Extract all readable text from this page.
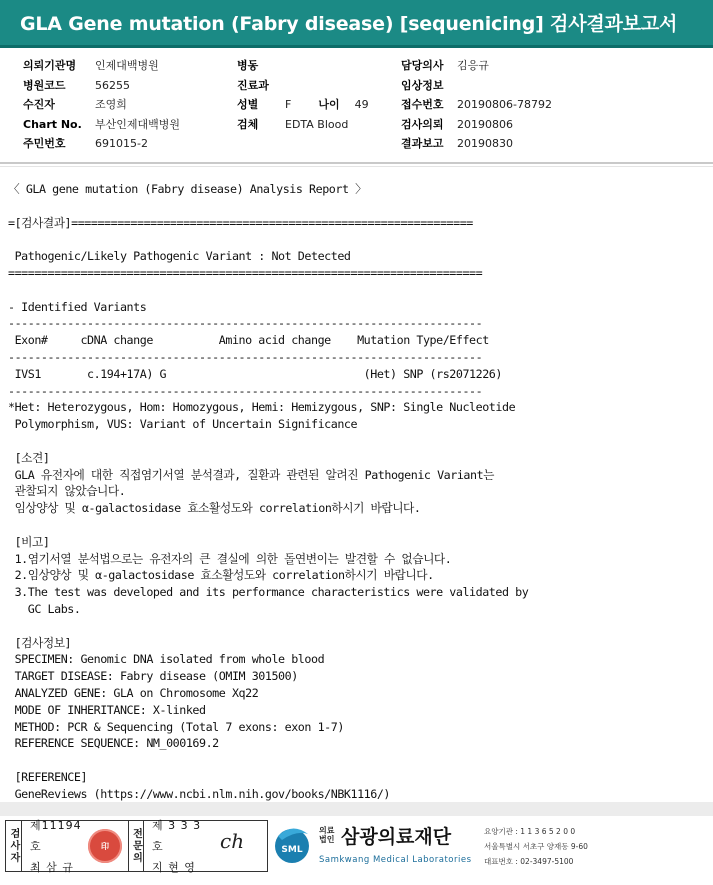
GLA Gene mutation (Fabry disease) [sequenicing] 검사결과보고서
의뢰기관명	인제대백병원
병원코드	56255
수진자	조영희
Chart No.	부산인제대백병원
주민번호	691015-2
병동
진료과
성별	F 나이 49
검체	EDTA Blood
담당의사	김응규
임상정보
접수번호	20190806-78792
검사의뢰	20190806
결과보고	20190830
〈 GLA gene mutation (Fabry disease) Analysis Report 〉
=[검사결과]=============================================================
Pathogenic/Likely Pathogenic Variant : Not Detected
========================================================================
- Identified Variants
------------------------------------------------------------------------
Exon#     cDNA change          Amino acid change    Mutation Type/Effect
------------------------------------------------------------------------
IVS1       c.194+17A) G                              (Het) SNP (rs2071226)
------------------------------------------------------------------------
*Het: Heterozygous, Hom: Homozygous, Hemi: Hemizygous, SNP: Single Nucleotide
Polymorphism, VUS: Variant of Uncertain Significance
[소견]
GLA 유전자에 대한 직접염기서열 분석결과, 질환과 관련된 알려진 Pathogenic Variant는
관찰되지 않았습니다.
임상양상 및 α-galactosidase 효소활성도와 correlation하시기 바랍니다.
[비고]
1.염기서열 분석법으로는 유전자의 큰 결실에 의한 돌연변이는 발견할 수 없습니다.
2.임상양상 및 α-galactosidase 효소활성도와 correlation하시기 바랍니다.
3.The test was developed and its performance characteristics were validated by
GC Labs.
[검사정보]
SPECIMEN: Genomic DNA isolated from whole blood
TARGET DISEASE: Fabry disease (OMIM 301500)
ANALYZED GENE: GLA on Chromosome Xq22
MODE OF INHERITANCE: X-linked
METHOD: PCR & Sequencing (Total 7 exons: exon 1-7)
REFERENCE SEQUENCE: NM_000169.2
[REFERENCE]
GeneReviews (https://www.ncbi.nlm.nih.gov/books/NBK1116/)
검사자
제11194호
최 삼 규
印	전문의
제 3 3 3 호
지 현 영
ch	SML
의료법인 삼광의료재단
Samkwang Medical Laboratories
요양기관 : 1 1 3 6 5 2 0 0
서울특별시 서초구 양재동 9-60
대표번호 : 02-3497-5100
